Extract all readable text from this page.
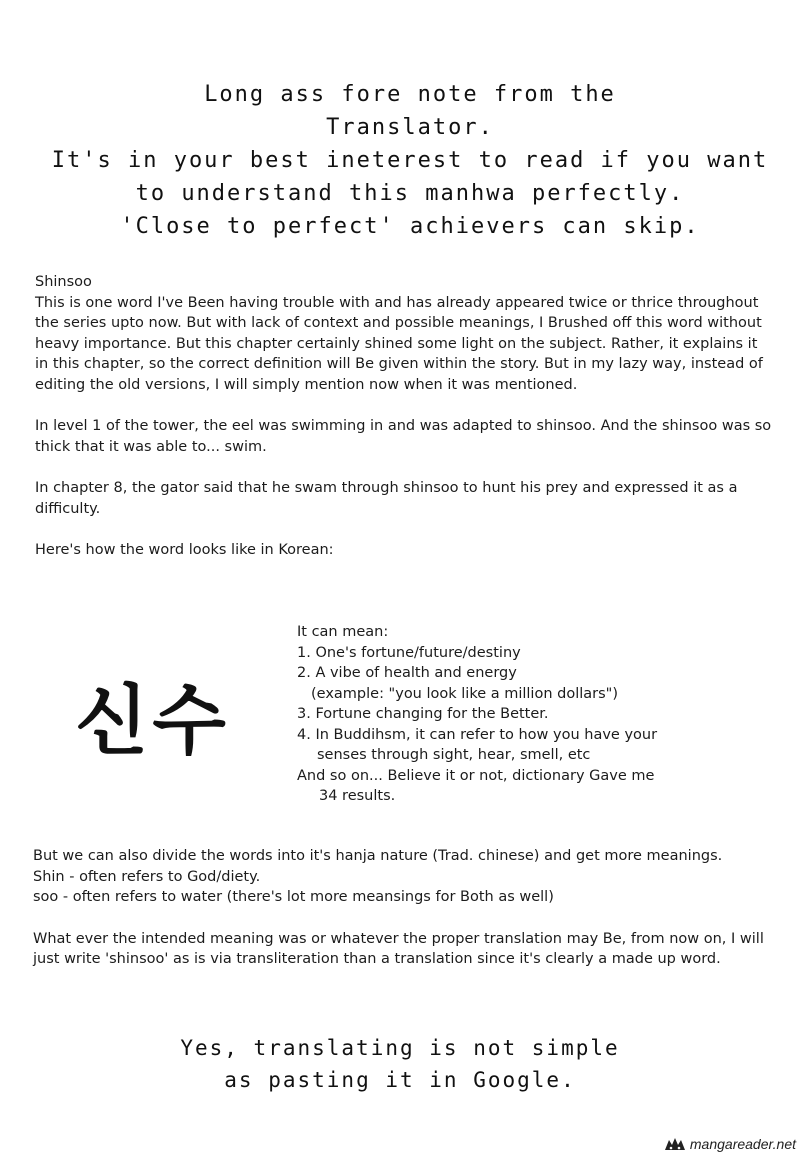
Long ass fore note from the
Translator.
It's in your best ineterest to read if you want
to understand this manhwa perfectly.
'Close to perfect' achievers can skip.
Shinsoo

This is one word I've Been having trouble with and has already appeared twice or thrice throughout the series upto now. But with lack of context and possible meanings, I Brushed off this word without heavy importance. But this chapter certainly shined some light on the subject. Rather, it explains it in this chapter, so the correct definition will Be given within the story. But in my lazy way, instead of editing the old versions, I will simply mention now when it was mentioned.

In level 1 of the tower, the eel was swimming in and was adapted to shinsoo. And the shinsoo was so thick that it was able to... swim.

In chapter 8, the gator said that he swam through shinsoo to hunt his prey and expressed it as a difficulty.

Here's how the word looks like in Korean:

신수
It can mean:
1. One's fortune/future/destiny
2. A vibe of health and energy
(example: "you look like a million dollars")
3. Fortune changing for the Better.
4. In Buddihsm, it can refer to how you have your
senses through sight, hear, smell, etc
And so on... Believe it or not, dictionary Gave me
34 results.
But we can also divide the words into it's hanja nature (Trad. chinese) and get more meanings.
Shin - often refers to God/diety.

soo - often refers to water (there's lot more meansings for Both as well)

What ever the intended meaning was or whatever the proper translation may Be, from now on, I will just write 'shinsoo' as is via transliteration than a translation since it's clearly a made up word.

Yes, translating is not simple
as pasting it in Google.
mangareader.net
